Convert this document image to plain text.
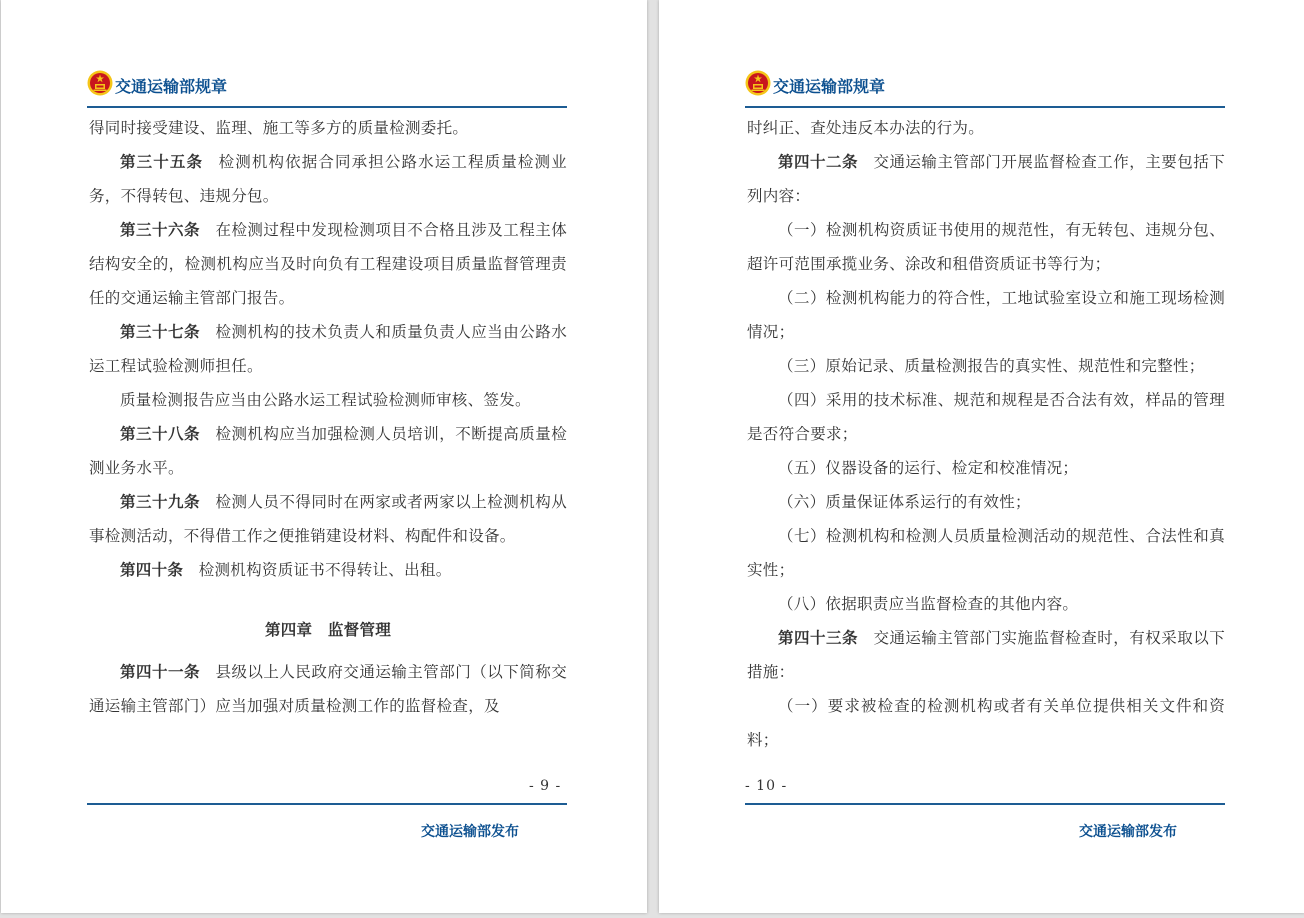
交通运输部规章

得同时接受建设、监理、施工等多方的质量检测委托。

第三十五条 检测机构依据合同承担公路水运工程质量检测业务，不得转包、违规分包。

第三十六条 在检测过程中发现检测项目不合格且涉及工程主体结构安全的，检测机构应当及时向负有工程建设项目质量监督管理责任的交通运输主管部门报告。

第三十七条 检测机构的技术负责人和质量负责人应当由公路水运工程试验检测师担任。

质量检测报告应当由公路水运工程试验检测师审核、签发。

第三十八条 检测机构应当加强检测人员培训，不断提高质量检测业务水平。

第三十九条 检测人员不得同时在两家或者两家以上检测机构从事检测活动，不得借工作之便推销建设材料、构配件和设备。

第四十条 检测机构资质证书不得转让、出租。

第四章 监督管理

第四十一条 县级以上人民政府交通运输主管部门（以下简称交通运输主管部门）应当加强对质量检测工作的监督检查，及

- 9 -
交通运输部发布
交通运输部规章

时纠正、查处违反本办法的行为。

第四十二条 交通运输主管部门开展监督检查工作，主要包括下列内容：

（一）检测机构资质证书使用的规范性，有无转包、违规分包、超许可范围承揽业务、涂改和租借资质证书等行为；

（二）检测机构能力的符合性，工地试验室设立和施工现场检测情况；

（三）原始记录、质量检测报告的真实性、规范性和完整性；

（四）采用的技术标准、规范和规程是否合法有效，样品的管理是否符合要求；

（五）仪器设备的运行、检定和校准情况；

（六）质量保证体系运行的有效性；

（七）检测机构和检测人员质量检测活动的规范性、合法性和真实性；

（八）依据职责应当监督检查的其他内容。

第四十三条 交通运输主管部门实施监督检查时，有权采取以下措施：

（一）要求被检查的检测机构或者有关单位提供相关文件和资料；

- 10 -
交通运输部发布
